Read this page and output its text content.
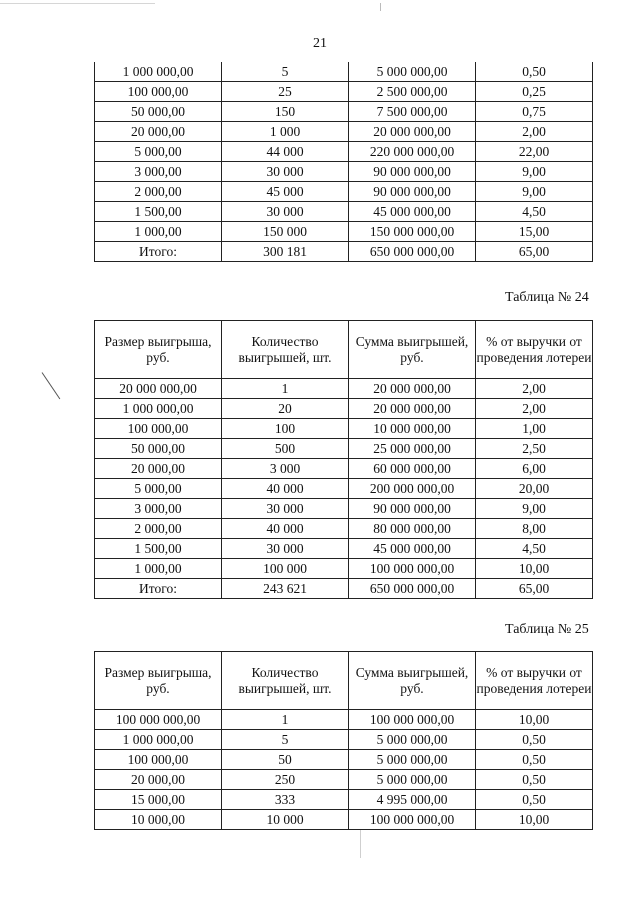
21
1 000 000,00	5	5 000 000,00	0,50
100 000,00	25	2 500 000,00	0,25
50 000,00	150	7 500 000,00	0,75
20 000,00	1 000	20 000 000,00	2,00
5 000,00	44 000	220 000 000,00	22,00
3 000,00	30 000	90 000 000,00	9,00
2 000,00	45 000	90 000 000,00	9,00
1 500,00	30 000	45 000 000,00	4,50
1 000,00	150 000	150 000 000,00	15,00
Итого:	300 181	650 000 000,00	65,00
Таблица № 24
Размер выигрыша, руб.	Количество выигрышей, шт.	Сумма выигрышей, руб.	% от выручки от проведения лотереи
20 000 000,00	1	20 000 000,00	2,00
1 000 000,00	20	20 000 000,00	2,00
100 000,00	100	10 000 000,00	1,00
50 000,00	500	25 000 000,00	2,50
20 000,00	3 000	60 000 000,00	6,00
5 000,00	40 000	200 000 000,00	20,00
3 000,00	30 000	90 000 000,00	9,00
2 000,00	40 000	80 000 000,00	8,00
1 500,00	30 000	45 000 000,00	4,50
1 000,00	100 000	100 000 000,00	10,00
Итого:	243 621	650 000 000,00	65,00
Таблица № 25
Размер выигрыша, руб.	Количество выигрышей, шт.	Сумма выигрышей, руб.	% от выручки от проведения лотереи
100 000 000,00	1	100 000 000,00	10,00
1 000 000,00	5	5 000 000,00	0,50
100 000,00	50	5 000 000,00	0,50
20 000,00	250	5 000 000,00	0,50
15 000,00	333	4 995 000,00	0,50
10 000,00	10 000	100 000 000,00	10,00
